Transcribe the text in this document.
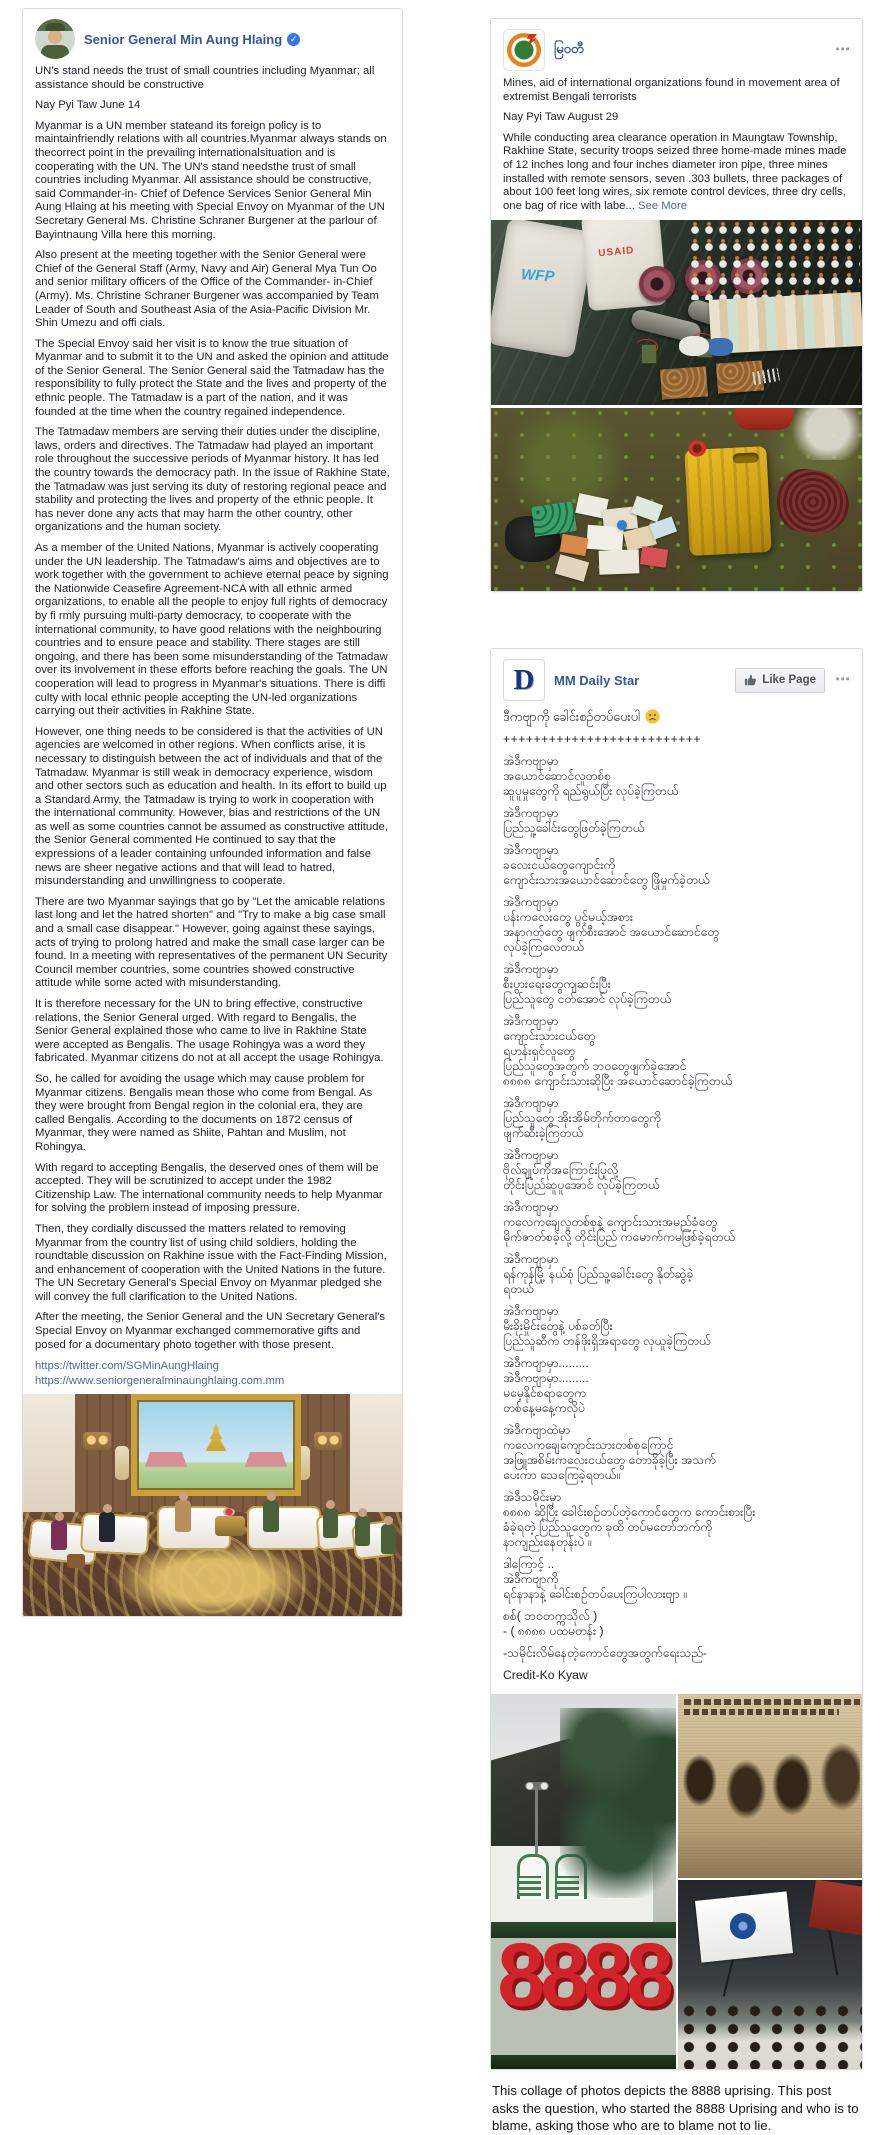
Senior General Min Aung Hlaing ✓

UN's stand needs the trust of small countries including Myanmar; all assistance should be constructive

Nay Pyi Taw June 14

Myanmar is a UN member stateand its foreign policy is to maintainfriendly relations with all countries.Myanmar always stands on thecorrect point in the prevailing internationalsituation and is cooperating with the UN. The UN's stand needsthe trust of small countries including Myanmar. All assistance should be constructive, said Commander-in- Chief of Defence Services Senior General Min Aung Hlaing at his meeting with Special Envoy on Myanmar of the UN Secretary General Ms. Christine Schraner Burgener at the parlour of Bayintnaung Villa here this morning.

Also present at the meeting together with the Senior General were Chief of the General Staff (Army, Navy and Air) General Mya Tun Oo and senior military officers of the Office of the Commander- in-Chief (Army). Ms. Christine Schraner Burgener was accompanied by Team Leader of South and Southeast Asia of the Asia-Pacific Division Mr. Shin Umezu and offi cials.

The Special Envoy said her visit is to know the true situation of Myanmar and to submit it to the UN and asked the opinion and attitude of the Senior General. The Senior General said the Tatmadaw has the responsibility to fully protect the State and the lives and property of the ethnic people. The Tatmadaw is a part of the nation, and it was founded at the time when the country regained independence.

The Tatmadaw members are serving their duties under the discipline, laws, orders and directives. The Tatmadaw had played an important role throughout the successive periods of Myanmar history. It has led the country towards the democracy path. In the issue of Rakhine State, the Tatmadaw was just serving its duty of restoring regional peace and stability and protecting the lives and property of the ethnic people. It has never done any acts that may harm the other country, other organizations and the human society.

As a member of the United Nations, Myanmar is actively cooperating under the UN leadership. The Tatmadaw's aims and objectives are to work together with the government to achieve eternal peace by signing the Nationwide Ceasefire Agreement-NCA with all ethnic armed organizations, to enable all the people to enjoy full rights of democracy by fi rmly pursuing multi-party democracy, to cooperate with the international community, to have good relations with the neighbouring countries and to ensure peace and stability. There stages are still ongoing, and there has been some misunderstanding of the Tatmadaw over its involvement in these efforts before reaching the goals. The UN cooperation will lead to progress in Myanmar's situations. There is diffi culty with local ethnic people accepting the UN-led organizations carrying out their activities in Rakhine State.

However, one thing needs to be considered is that the activities of UN agencies are welcomed in other regions. When conflicts arise, it is necessary to distinguish between the act of individuals and that of the Tatmadaw. Myanmar is still weak in democracy experience, wisdom and other sectors such as education and health. In its effort to build up a Standard Army, the Tatmadaw is trying to work in cooperation with the international community. However, bias and restrictions of the UN as well as some countries cannot be assumed as constructive attitude, the Senior General commented He continued to say that the expressions of a leader containing unfounded information and false news are sheer negative actions and that will lead to hatred, misunderstanding and unwillingness to cooperate.

There are two Myanmar sayings that go by "Let the amicable relations last long and let the hatred shorten" and "Try to make a big case small and a small case disappear." However, going against these sayings, acts of trying to prolong hatred and make the small case larger can be found. In a meeting with representatives of the permanent UN Security Council member countries, some countries showed constructive attitude while some acted with misunderstanding.

It is therefore necessary for the UN to bring effective, constructive relations, the Senior General urged. With regard to Bengalis, the Senior General explained those who came to live in Rakhine State were accepted as Bengalis. The usage Rohingya was a word they fabricated. Myanmar citizens do not at all accept the usage Rohingya.

So, he called for avoiding the usage which may cause problem for Myanmar citizens. Bengalis mean those who come from Bengal. As they were brought from Bengal region in the colonial era, they are called Bengalis. According to the documents on 1872 census of Myanmar, they were named as Shiite, Pahtan and Muslim, not Rohingya.

With regard to accepting Bengalis, the deserved ones of them will be accepted. They will be scrutinized to accept under the 1982 Citizenship Law. The international community needs to help Myanmar for solving the problem instead of imposing pressure.

Then, they cordially discussed the matters related to removing Myanmar from the country list of using child soldiers, holding the roundtable discussion on Rakhine issue with the Fact-Finding Mission, and enhancement of cooperation with the United Nations in the future. The UN Secretary General's Special Envoy on Myanmar pledged she will convey the full clarification to the United Nations.

After the meeting, the Senior General and the UN Secretary General's Special Envoy on Myanmar exchanged commemorative gifts and posed for a documentary photo together with those present.

https://twitter.com/SGMinAungHlaing
https://www.seniorgeneralminaunghlaing.com.mm
မြဝတီ	⋯

Mines, aid of international organizations found in movement area of extremist Bengali terrorists

Nay Pyi Taw August 29

While conducting area clearance operation in Maungtaw Township, Rakhine State, security troops seized three home-made mines made of 12 inches long and four inches diameter iron pipe, three mines installed with remote sensors, seven .303 bullets, three packages of about 100 feet long wires, six remote control devices, three dry cells, one bag of rice with labe... See More

WFP
USAID
D MM Daily Star	Like Page ⋯
ဒီကဗျာကို ခေါင်းစဉ်တပ်ပေးပါ
++++++++++++++++++++++++++
အဲဒီကဗျာမှာ
အယောင်ဆောင်လူတစ်စု
ဆူပူမှုတွေကို ရည်ရွယ်ပြီး လုပ်ခဲ့ကြတယ်
အဲဒီကဗျာမှာ
ပြည်သူ့ခေါင်းတွေဖြတ်ခဲ့ကြတယ်
အဲဒီကဗျာမှာ
ခလေးငယ်တွေကျောင်းကို
ကျောင်းသားအယောင်ဆောင်တွေ ဖြိုမှုက်ခဲ့တယ်
အဲဒီကဗျာမှာ
ပန်းကလေးတွေ ပွင့်မယ့်အစား
အနာဂတ်တွေ ဖျက်စီးအောင် အယောင်ဆောင်တွေ
လုပ်ခဲ့ကြလေတယ်
အဲဒီကဗျာမှာ
စီးပွားရေးတွေကျဆင်းပြီး
ပြည်သူတွေ ငတ်အောင် လုပ်ခဲ့ကြတယ်
အဲဒီကဗျာမှာ
ကျောင်းသားငယ်တွေ
ရဟန်းရှင်လူတွေ
ပြည်သူတွေအတွက် ဘဝတွေဖျက်ခဲ့အောင်
၈၈၈၈ ကျောင်းသားဆိုပြီး အယောင်ဆောင်ခဲ့ကြတယ်
အဲဒီကဗျာမှာ
ပြည်သူတွေ အိုးအိမ်တိုက်တာတွေကို
ဖျက်ဆီးခဲ့ကြတယ်
အဲဒီကဗျာမှာ
ဗိုလ်ချုပ်ကိုအကြောင်းပြုလို့
တိုင်းပြည်ဆူပူအောင် လုပ်ခဲ့ကြတယ်
အဲဒီကဗျာမှာ
ကလေကချေလူတစ်စုနဲ့ ကျောင်းသားအမည်ခံတွေ
မိုက်ဇာတ်စခဲ့လို့ တိုင်းပြည် ကမောက်ကမဖြစ်ခဲ့ရတယ်
အဲဒီကဗျာမှာ
ရန်ကုန်မြို့ နယ်စုံ ပြည်သူ့ခေါင်းတွေ နိုတ်ဆွဲခဲ့
ရတယ်
အဲဒီကဗျာမှာ
မီးခိုးမှိုင်းတွေနဲ့ ပစ်ခတ်ပြီး
ပြည်သူဆီက တန်ဖိုးရှိအရာတွေ လုယူခဲ့ကြတယ်
အဲဒီကဗျာမှာ.........
အဲဒီကဗျာမှာ.........
မမေ့နိုင်စရာတွေက
တစ်နေ့မနေ့ကလိုပဲ
အဲဒီကဗျာထဲမှာ
ကလေကချေကျောင်းသားတစ်စုကြောင့်
အဖြူအစိမ်းကလေးငယ်တွေ တောခိုခဲ့ပြီး အသက်
ပေးကာ သေကြေခဲ့ရတယ်။
အဲဒီသမိုင်းမှာ
၈၈၈၈ ဆိုပြီး ခေါင်းစဉ်တပ်တဲ့ကောင်တွေက ကောင်းစားပြီး
ခံခဲ့ရတဲ့ ပြည်သူတွေက ခုထိ တပ်မတော်ဘက်ကို
နာကျည်းနေတုန်းပဲ ။
ဒါကြောင့် ..
အဲဒီကဗျာကို
ရင်နာနာနဲ့ ခေါင်းစဉ်တပ်ပေးကြပါလားဗျာ ။
စစ်( ဘဝတက္ကသိုလ် )
- ( ၈၈၈၈ ပထမတန်း )
-သမိုင်းလိမ်နေတဲ့ကောင်တွေအတွက်ရေးသည်-
Credit-Ko Kyaw
8888
This collage of photos depicts the 8888 uprising. This post asks the question, who started the 8888 Uprising and who is to blame, asking those who are to blame not to lie.
